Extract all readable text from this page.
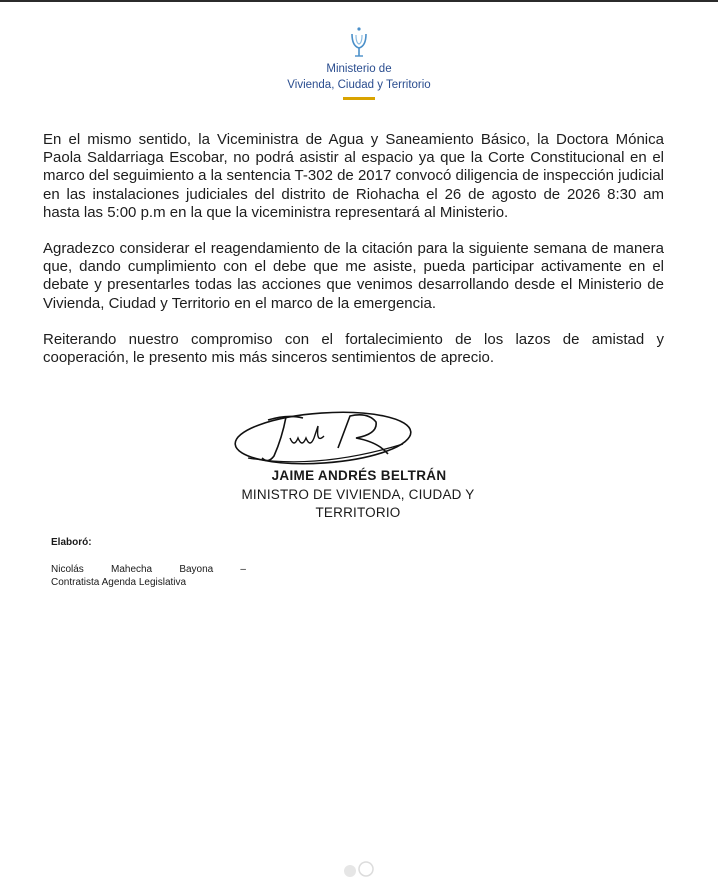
Ministerio de
Vivienda, Ciudad y Territorio

En el mismo sentido, la Viceministra de Agua y Saneamiento Básico, la Doctora Mónica Paola Saldarriaga Escobar, no podrá asistir al espacio ya que la Corte Constitucional en el marco del seguimiento a la sentencia T-302 de 2017 convocó diligencia de inspección judicial en las instalaciones judiciales del distrito de Riohacha el 26 de agosto de 2026 8:30 am hasta las 5:00 p.m en la que la viceministra representará al Ministerio.

Agradezco considerar el reagendamiento de la citación para la siguiente semana de manera que, dando cumplimiento con el debe que me asiste, pueda participar activamente en el debate y presentarles todas las acciones que venimos desarrollando desde el Ministerio de Vivienda, Ciudad y Territorio en el marco de la emergencia.

Reiterando nuestro compromiso con el fortalecimiento de los lazos de amistad y cooperación, le presento mis más sinceros sentimientos de aprecio.

JAIME ANDRÉS BELTRÁN
MINISTRO DE VIVIENDA, CIUDAD Y
TERRITORIO
Elaboró:
Nicolás	Mahecha	Bayona	–
Contratista Agenda Legislativa
